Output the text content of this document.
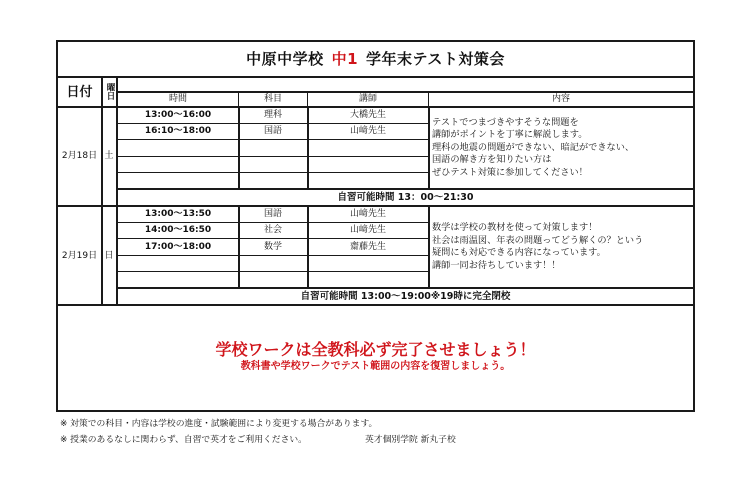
中原中学校 中1 学年末テスト対策会
日付	曜日	時間	科目	講師	内容
2月18日 土
13:00〜16:00	理科	大橋先生
16:10〜18:00	国語	山﨑先生
テストでつまづきやすそうな問題を
講師がポイントを丁寧に解説します。
理科の地震の問題ができない、暗記ができない、
国語の解き方を知りたい方は
ぜひテスト対策に参加してください！
自習可能時間 13：00〜21:30
2月19日 日
13:00〜13:50	国語	山﨑先生
14:00〜16:50	社会	山﨑先生
17:00〜18:00	数学	齋藤先生
数学は学校の教材を使って対策します！
社会は雨温図、年表の問題ってどう解くの？という
疑問にも対応できる内容になっています。
講師一同お待ちしています！！
自習可能時間 13:00〜19:00※19時に完全閉校
学校ワークは全教科必ず完了させましょう！
教科書や学校ワークでテスト範囲の内容を復習しましょう。
※ 対策での科目・内容は学校の進度・試験範囲により変更する場合があります。
※ 授業のあるなしに関わらず、自習で英才をご利用ください。	英才個別学院 新丸子校
